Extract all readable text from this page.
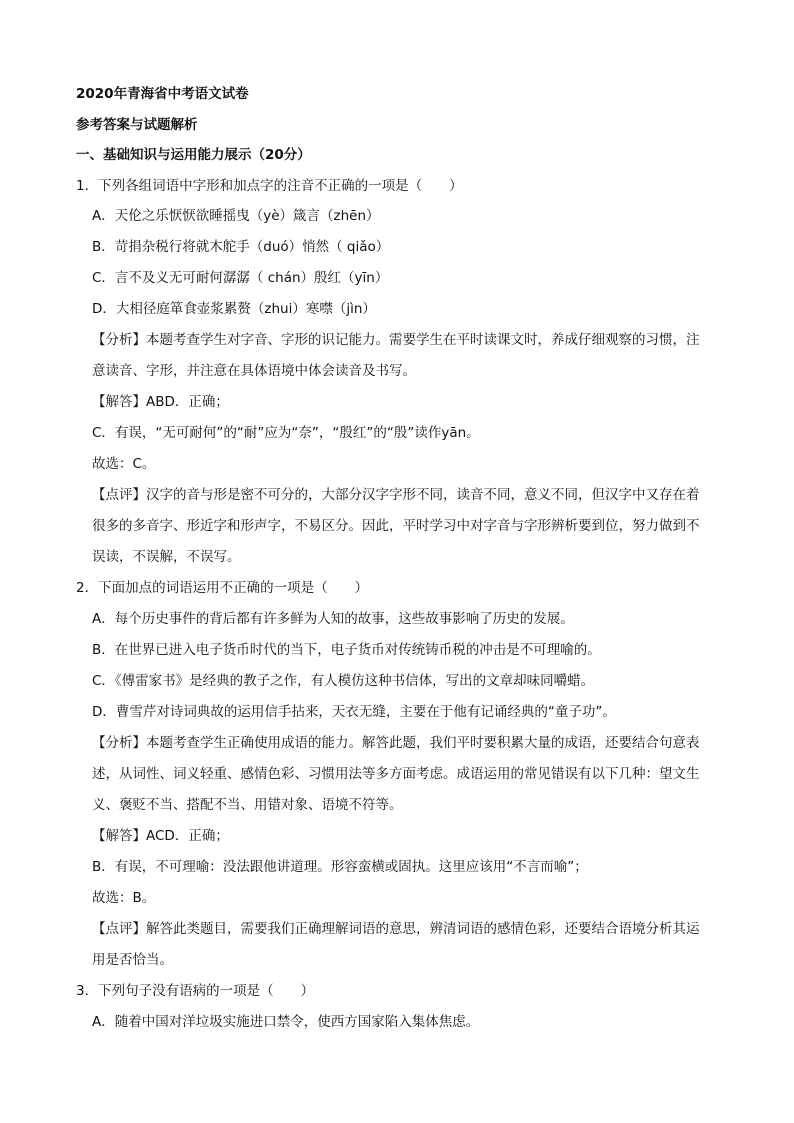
2020年青海省中考语文试卷
参考答案与试题解析
一、基础知识与运用能力展示（20分）
1．下列各组词语中字形和加点字的注音不正确的一项是（　　）
A．天伦之乐恹恹欲睡摇曳（yè）箴言（zhēn）
B．苛捐杂税行将就木舵手（duó）悄然（ qiǎo）
C．言不及义无可耐何潺潺（ chán）殷红（yīn）
D．大相径庭箪食壶浆累赘（zhui）寒噤（jìn）
【分析】本题考查学生对字音、字形的识记能力。需要学生在平时读课文时，养成仔细观察的习惯，注
意读音、字形，并注意在具体语境中体会读音及书写。
【解答】ABD．正确；
C．有误，“无可耐何”的“耐”应为“奈”，“殷红”的“殷”读作yān。
故选：C。
【点评】汉字的音与形是密不可分的，大部分汉字字形不同，读音不同，意义不同，但汉字中又存在着
很多的多音字、形近字和形声字，不易区分。因此，平时学习中对字音与字形辨析要到位，努力做到不
误读，不误解，不误写。
2．下面加点的词语运用不正确的一项是（　　）
A．每个历史事件的背后都有许多鲜为人知的故事，这些故事影响了历史的发展。
B．在世界已进入电子货币时代的当下，电子货币对传统铸币税的冲击是不可理喻的。
C．《傅雷家书》是经典的教子之作，有人模仿这种书信体，写出的文章却味同嚼蜡。
D．曹雪芹对诗词典故的运用信手拈来，天衣无缝，主要在于他有记诵经典的“童子功”。
【分析】本题考查学生正确使用成语的能力。解答此题，我们平时要积累大量的成语，还要结合句意表
述，从词性、词义轻重、感情色彩、习惯用法等多方面考虑。成语运用的常见错误有以下几种：望文生
义、褒贬不当、搭配不当、用错对象、语境不符等。
【解答】ACD．正确；
B．有误，不可理喻：没法跟他讲道理。形容蛮横或固执。这里应该用“不言而喻”；
故选：B。
【点评】解答此类题目，需要我们正确理解词语的意思，辨清词语的感情色彩，还要结合语境分析其运
用是否恰当。
3．下列句子没有语病的一项是（　　）
A．随着中国对洋垃圾实施进口禁令，使西方国家陷入集体焦虑。
